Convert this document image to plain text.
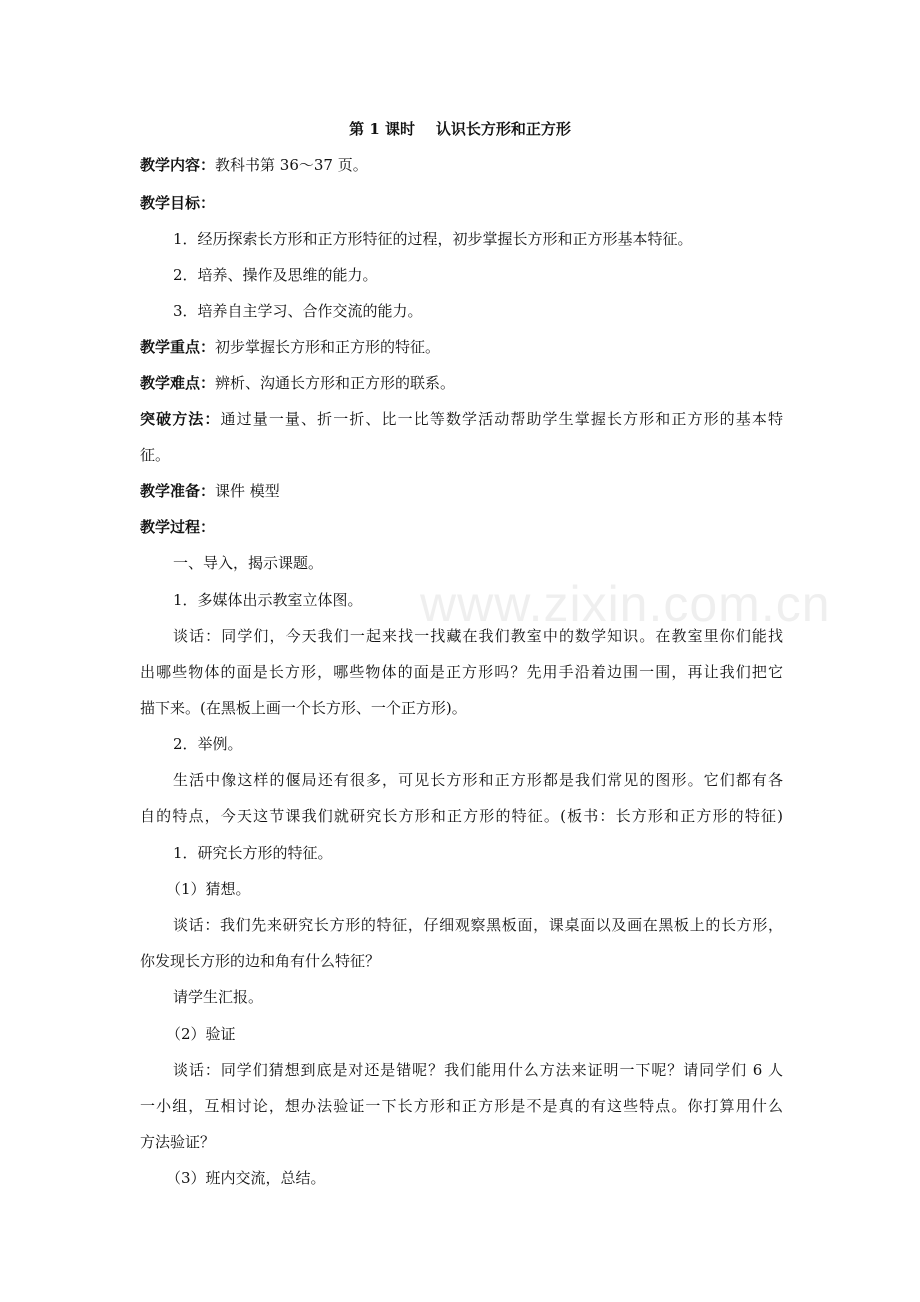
www.zixin.com.cn
第 1 课时    认识长方形和正方形
教学内容：教科书第 36～37 页。
教学目标：
1．经历探索长方形和正方形特征的过程，初步掌握长方形和正方形基本特征。
2．培养、操作及思维的能力。
3．培养自主学习、合作交流的能力。
教学重点：初步掌握长方形和正方形的特征。
教学难点：辨析、沟通长方形和正方形的联系。
突破方法：通过量一量、折一折、比一比等数学活动帮助学生掌握长方形和正方形的基本特
征。
教学准备：课件 模型
教学过程：
一、导入，揭示课题。
1．多媒体出示教室立体图。
谈话：同学们，今天我们一起来找一找藏在我们教室中的数学知识。在教室里你们能找
出哪些物体的面是长方形，哪些物体的面是正方形吗？先用手沿着边围一围，再让我们把它
描下来。(在黑板上画一个长方形、一个正方形)。
2．举例。
生活中像这样的偃局还有很多，可见长方形和正方形都是我们常见的图形。它们都有各
自的特点，今天这节课我们就研究长方形和正方形的特征。(板书：长方形和正方形的特征)
1．研究长方形的特征。
（1）猜想。
谈话：我们先来研究长方形的特征，仔细观察黑板面，课桌面以及画在黑板上的长方形，
你发现长方形的边和角有什么特征？
请学生汇报。
（2）验证
谈话：同学们猜想到底是对还是错呢？我们能用什么方法来证明一下呢？请同学们 6 人
一小组，互相讨论，想办法验证一下长方形和正方形是不是真的有这些特点。你打算用什么
方法验证？
（3）班内交流，总结。
